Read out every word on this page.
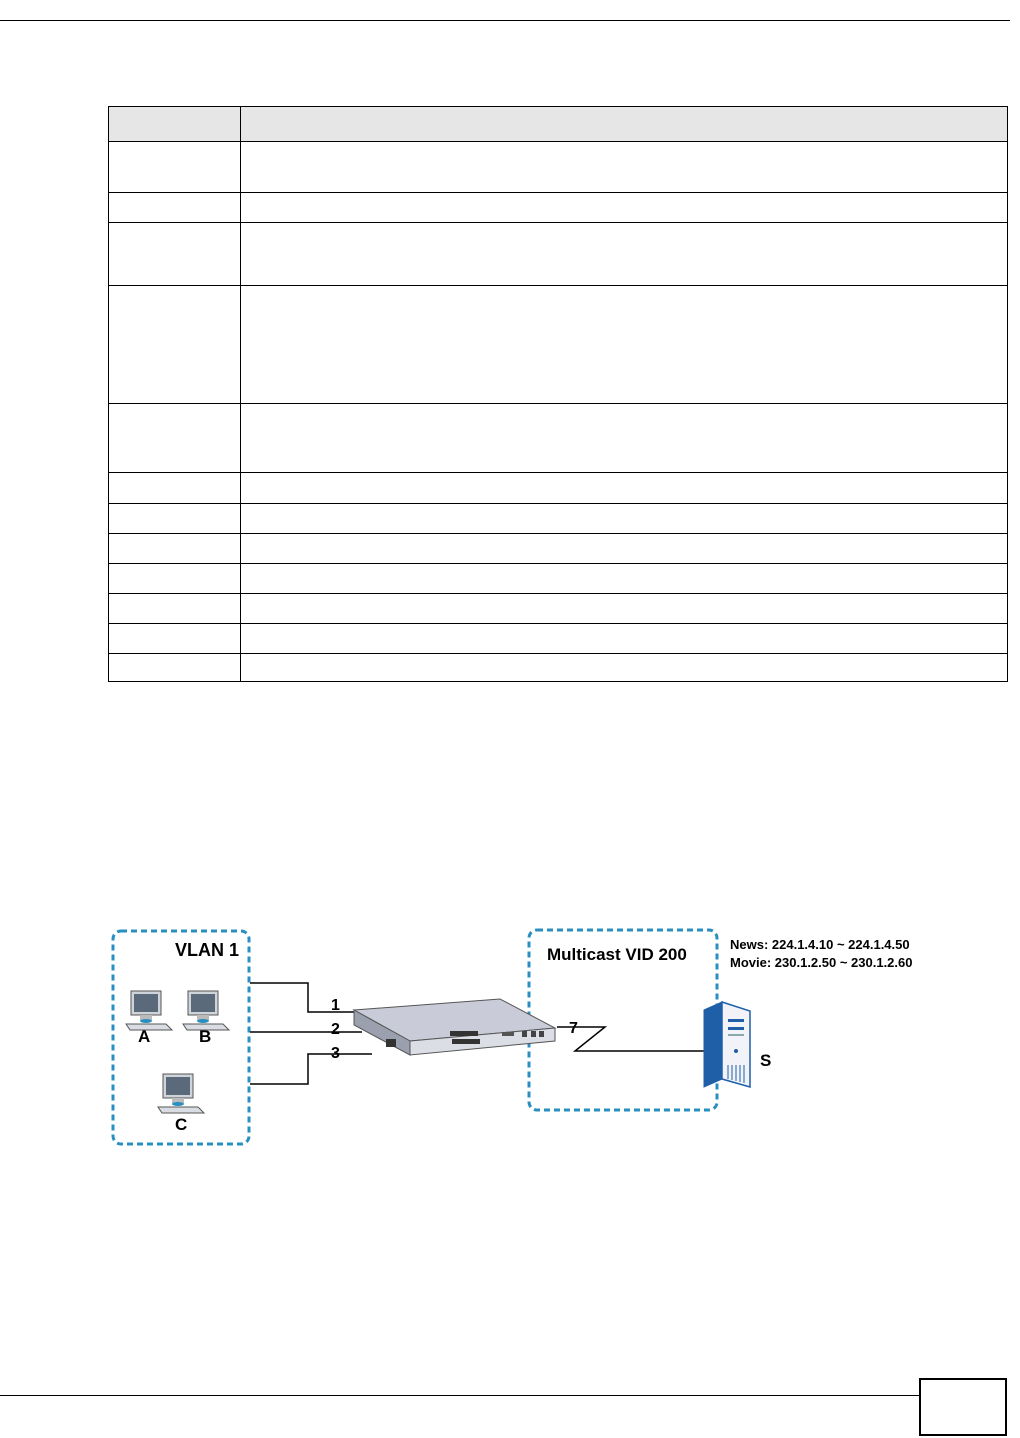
VLAN 1	Multicast VID 200
News: 224.1.4.10 ~ 224.1.4.50
Movie: 230.1.2.50 ~ 230.1.2.60
A	B
C
S
1
2
3
7
